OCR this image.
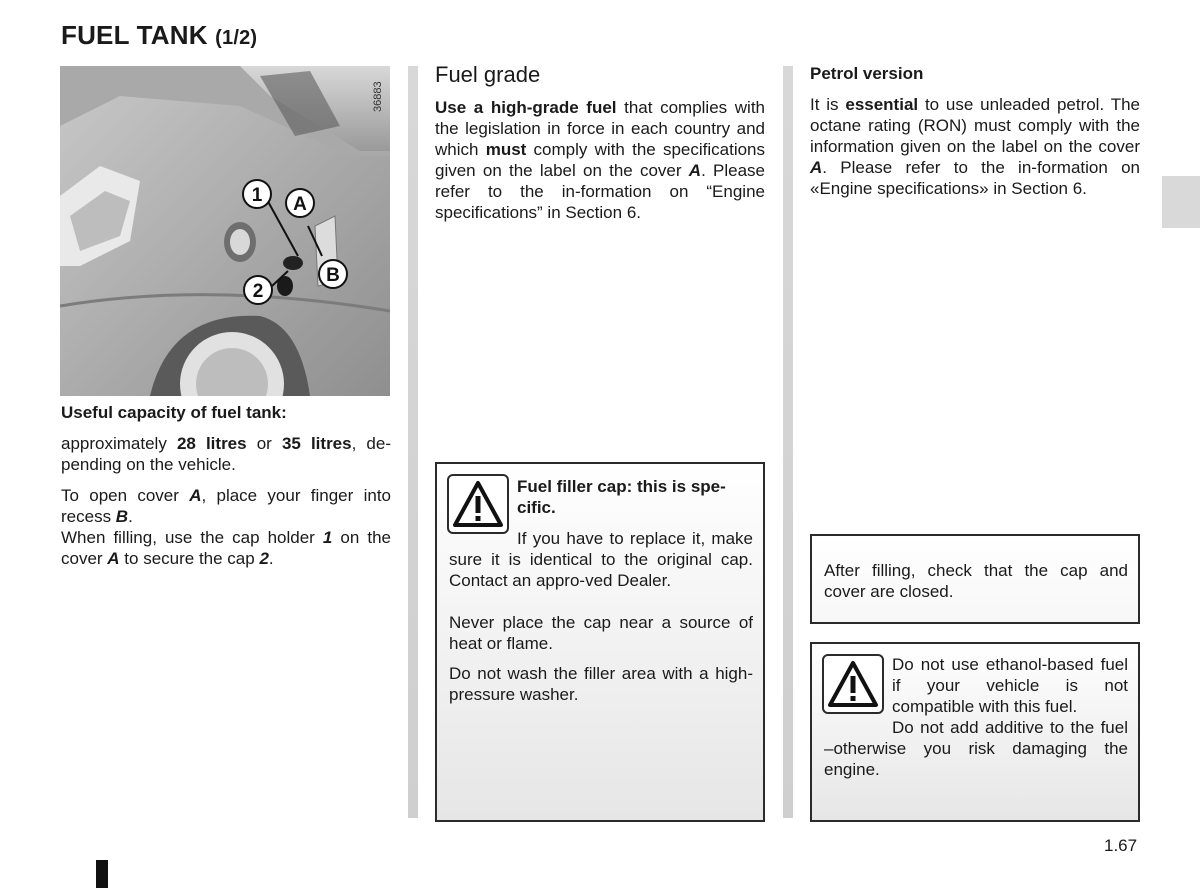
FUEL TANK (1/2)
1 A
2
B
36883
Useful capacity of fuel tank:
approximately 28 litres or 35 litres, de-pending on the vehicle.
To open cover A, place your finger into recess B.
When filling, use the cap holder 1 on the cover A to secure the cap 2.
Fuel grade
Use a high-grade fuel that complies with the legislation in force in each country and which must comply with the specifications given on the label on the cover A. Please refer to the in-formation on “Engine specifications” in Section 6.
Fuel filler cap: this is spe-cific.
If you have to replace it, make sure it is identical to the original cap. Contact an appro-ved Dealer.
Never place the cap near a source of heat or flame.
Do not wash the filler area with a high-pressure washer.
Petrol version
It is essential to use unleaded petrol. The octane rating (RON) must comply with the information given on the label on the cover A. Please refer to the in-formation on «Engine specifications» in Section 6.
After filling, check that the cap and cover are closed.
Do not use ethanol-based fuel if your vehicle is not compatible with this fuel.
Do not add additive to the fuel –otherwise you risk damaging the engine.
1.67
